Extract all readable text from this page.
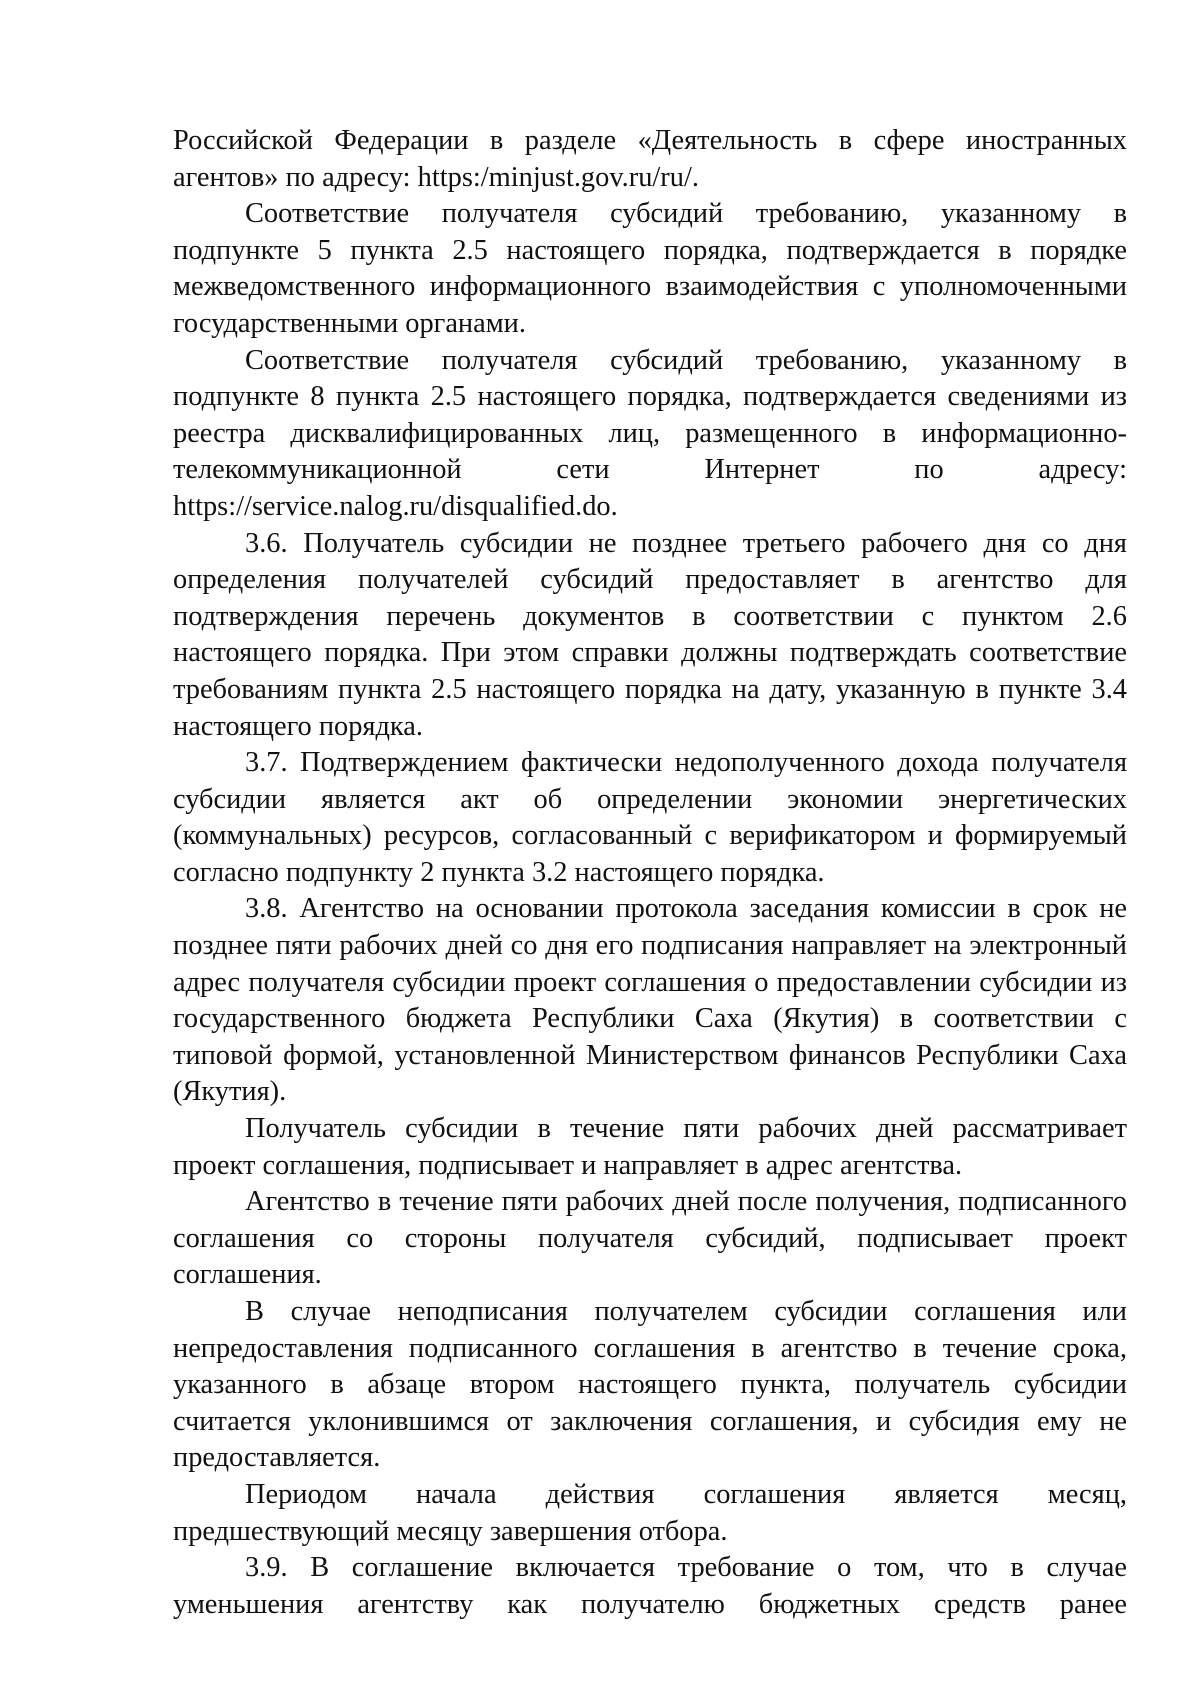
Российской Федерации в разделе «Деятельность в сфере иностранных агентов» по адресу: https:/minjust.gov.ru/ru/.

Соответствие получателя субсидий требованию, указанному в подпункте 5 пункта 2.5 настоящего порядка, подтверждается в порядке межведомственного информационного взаимодействия с уполномоченными государственными органами.

Соответствие получателя субсидий требованию, указанному в подпункте 8 пункта 2.5 настоящего порядка, подтверждается сведениями из реестра дисквалифицированных лиц, размещенного в информационно- телекоммуникационной сети Интернет по адресу: https://service.nalog.ru/disqualified.do.

3.6. Получатель субсидии не позднее третьего рабочего дня со дня определения получателей субсидий предоставляет в агентство для подтверждения перечень документов в соответствии с пунктом 2.6 настоящего порядка. При этом справки должны подтверждать соответствие требованиям пункта 2.5 настоящего порядка на дату, указанную в пункте 3.4 настоящего порядка.

3.7. Подтверждением фактически недополученного дохода получателя субсидии является акт об определении экономии энергетических (коммунальных) ресурсов, согласованный с верификатором и формируемый согласно подпункту 2 пункта 3.2 настоящего порядка.

3.8. Агентство на основании протокола заседания комиссии в срок не позднее пяти рабочих дней со дня его подписания направляет на электронный адрес получателя субсидии проект соглашения о предоставлении субсидии из государственного бюджета Республики Саха (Якутия) в соответствии с типовой формой, установленной Министерством финансов Республики Саха (Якутия).

Получатель субсидии в течение пяти рабочих дней рассматривает проект соглашения, подписывает и направляет в адрес агентства.

Агентство в течение пяти рабочих дней после получения, подписанного соглашения со стороны получателя субсидий, подписывает проект соглашения.

В случае неподписания получателем субсидии соглашения или непредоставления подписанного соглашения в агентство в течение срока, указанного в абзаце втором настоящего пункта, получатель субсидии считается уклонившимся от заключения соглашения, и субсидия ему не предоставляется.

Периодом начала действия соглашения является месяц, предшествующий месяцу завершения отбора.

3.9. В соглашение включается требование о том, что в случае уменьшения агентству как получателю бюджетных средств ранее
